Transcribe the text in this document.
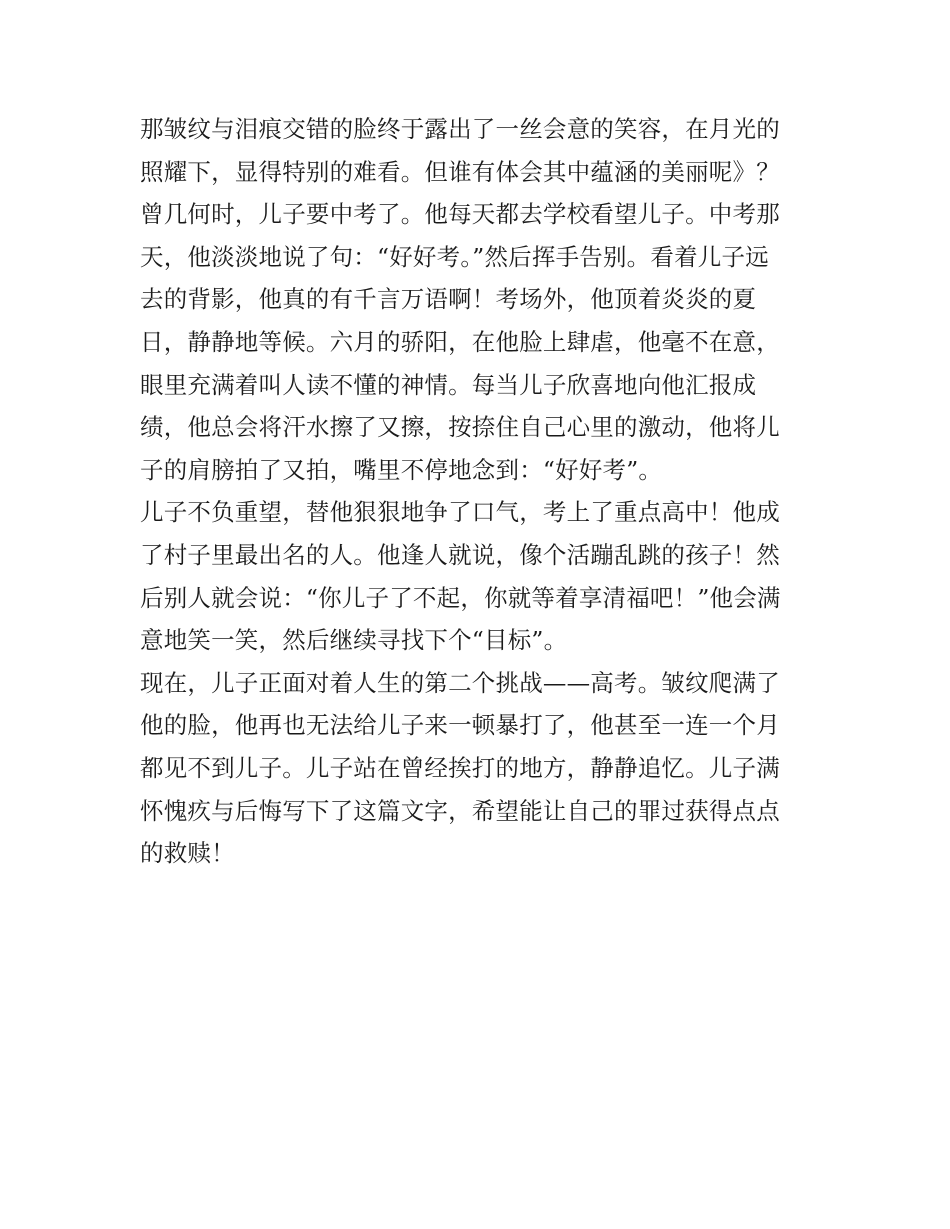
那皱纹与泪痕交错的脸终于露出了一丝会意的笑容，在月光的
照耀下，显得特别的难看。但谁有体会其中蕴涵的美丽呢》？
曾几何时，儿子要中考了。他每天都去学校看望儿子。中考那
天，他淡淡地说了句：“好好考。”然后挥手告别。看着儿子远
去的背影，他真的有千言万语啊！考场外，他顶着炎炎的夏
日，静静地等候。六月的骄阳，在他脸上肆虐，他毫不在意，
眼里充满着叫人读不懂的神情。每当儿子欣喜地向他汇报成
绩，他总会将汗水擦了又擦，按捺住自己心里的激动，他将儿
子的肩膀拍了又拍，嘴里不停地念到：“好好考”。
儿子不负重望，替他狠狠地争了口气，考上了重点高中！他成
了村子里最出名的人。他逢人就说，像个活蹦乱跳的孩子！然
后别人就会说：“你儿子了不起，你就等着享清福吧！”他会满
意地笑一笑，然后继续寻找下个“目标”。
现在，儿子正面对着人生的第二个挑战——高考。皱纹爬满了
他的脸，他再也无法给儿子来一顿暴打了，他甚至一连一个月
都见不到儿子。儿子站在曾经挨打的地方，静静追忆。儿子满
怀愧疚与后悔写下了这篇文字，希望能让自己的罪过获得点点
的救赎！
